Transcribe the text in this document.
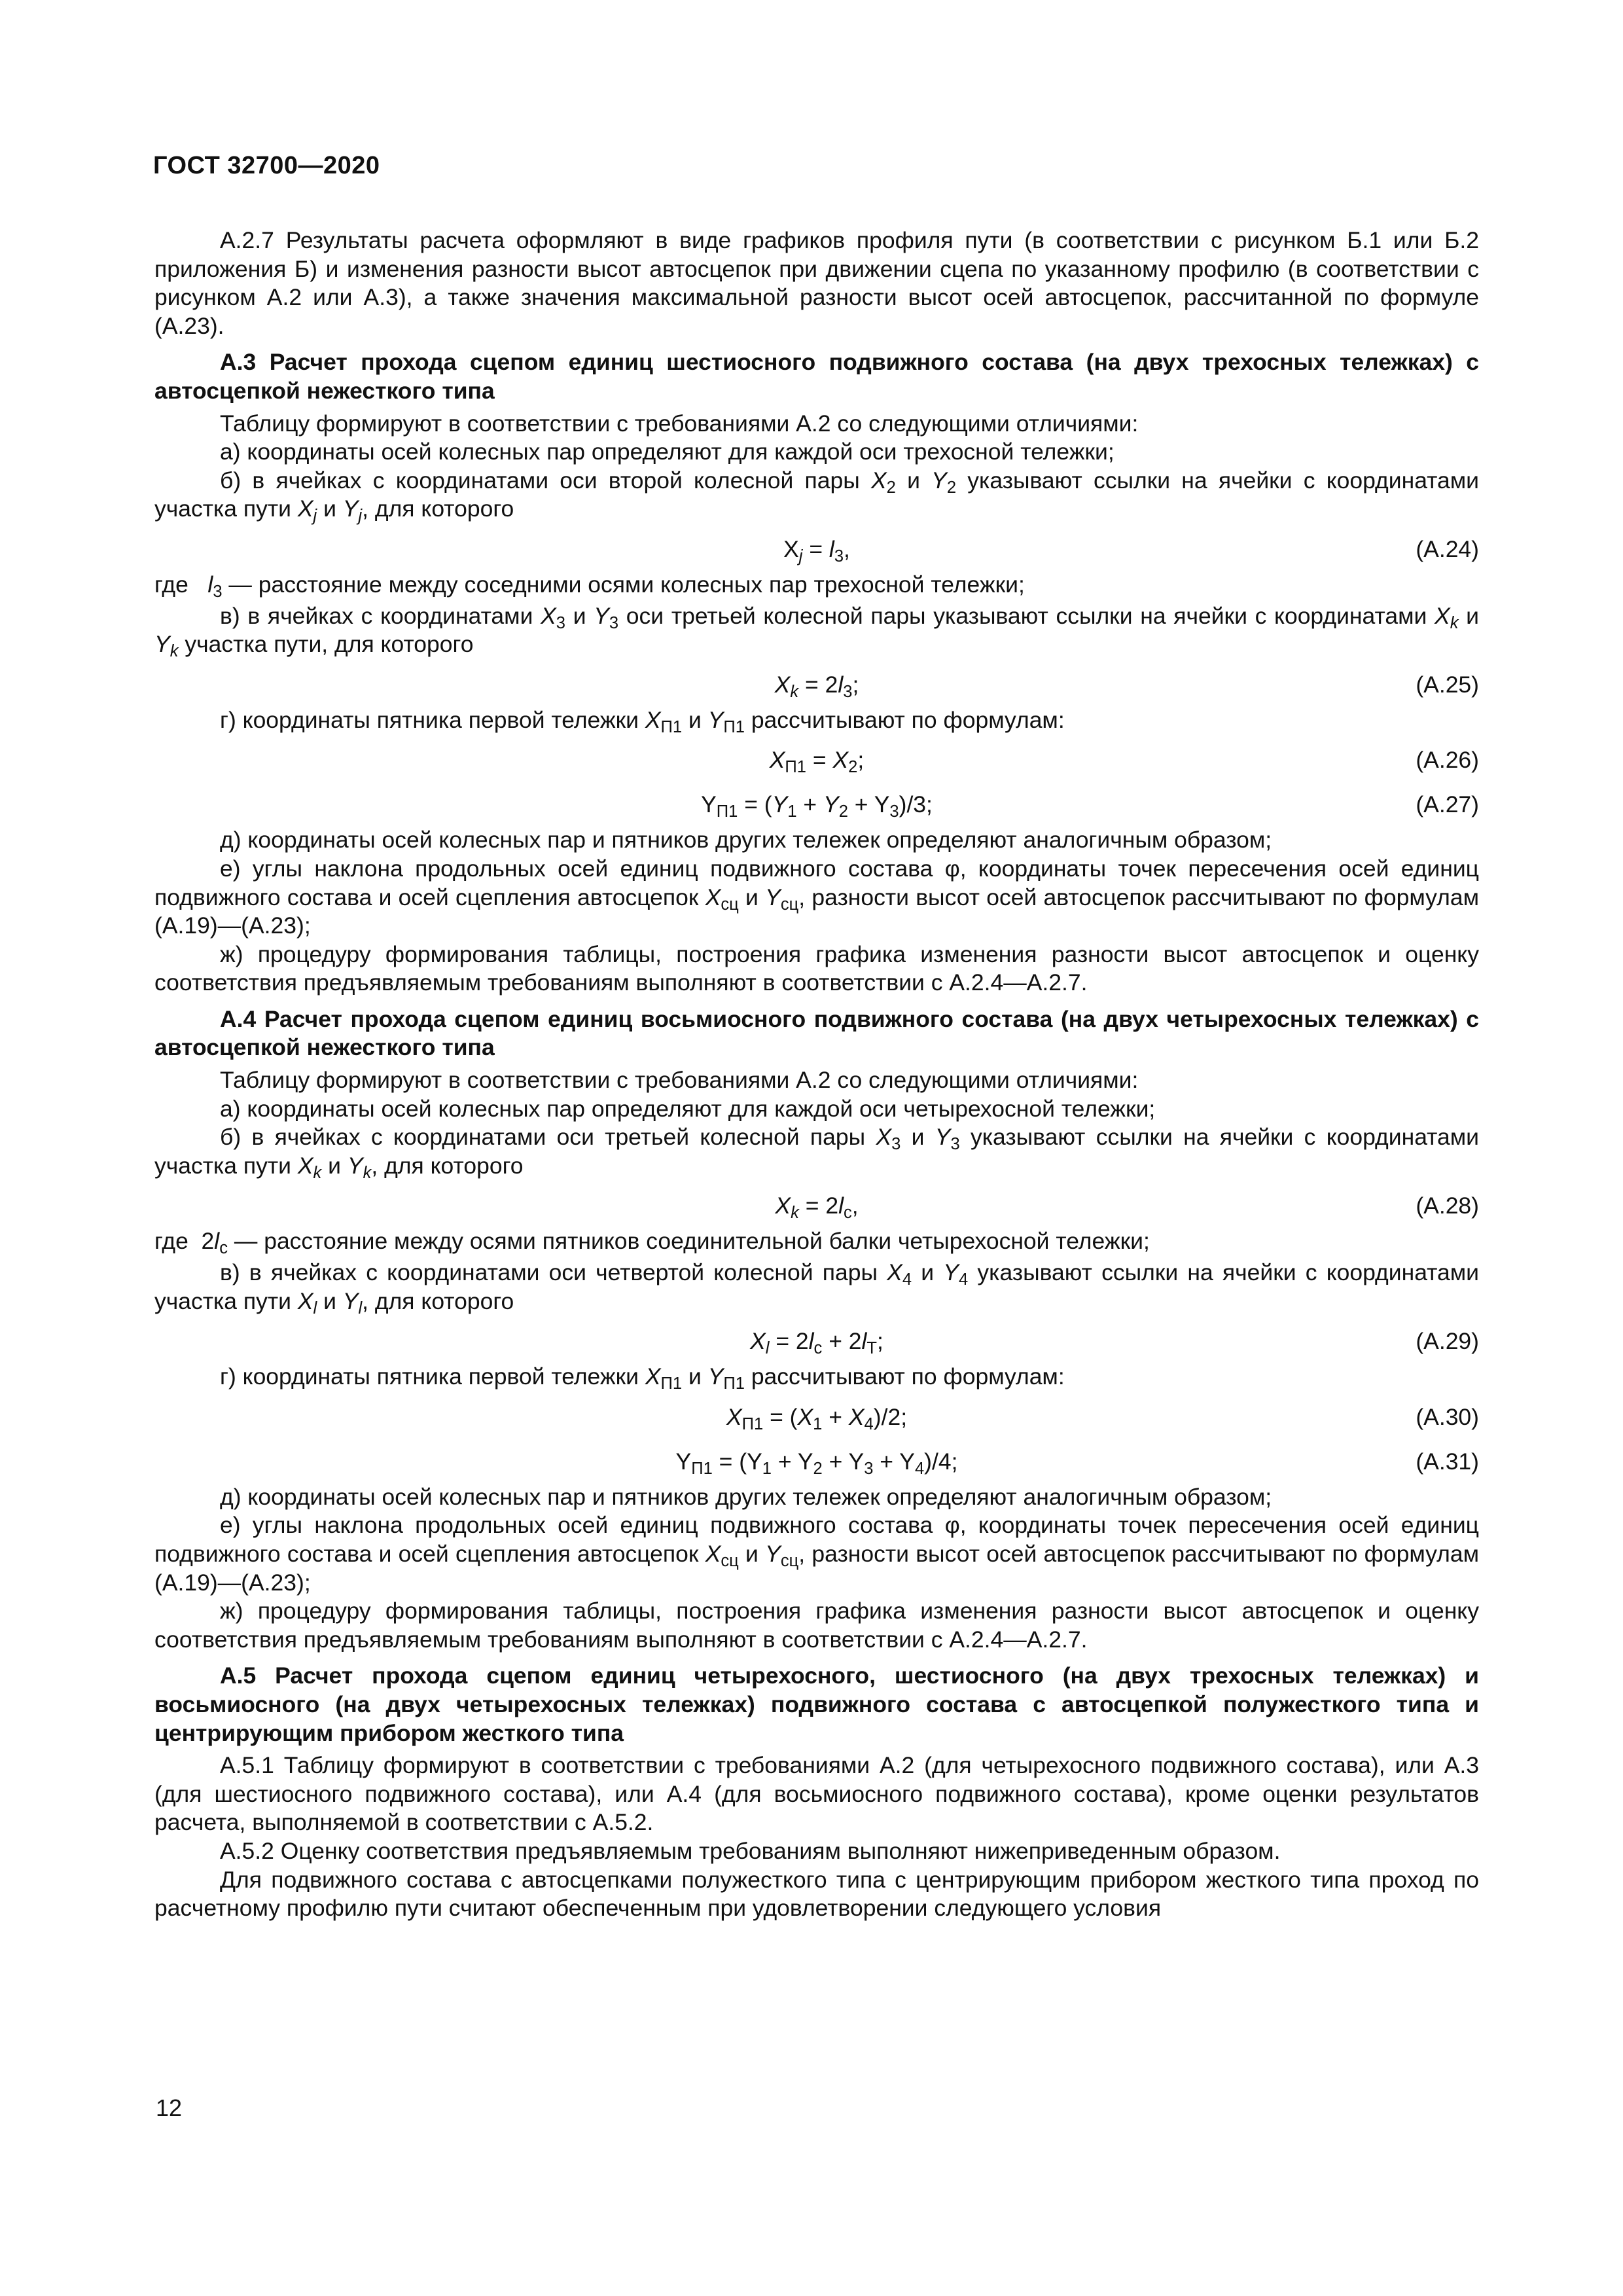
ГОСТ 32700—2020

А.2.7 Результаты расчета оформляют в виде графиков профиля пути (в соответствии с рисунком Б.1 или Б.2 приложения Б) и изменения разности высот автосцепок при движении сцепа по указанному профилю (в соответствии с рисунком А.2 или А.3), а также значения максимальной разности высот осей автосцепок, рассчитанной по формуле (А.23).

А.3 Расчет прохода сцепом единиц шестиосного подвижного состава (на двух трехосных тележках) с автосцепкой нежесткого типа

Таблицу формируют в соответствии с требованиями А.2 со следующими отличиями:

а) координаты осей колесных пар определяют для каждой оси трехосной тележки;

б) в ячейках с координатами оси второй колесной пары $X_2$ и $Y_2$ указывают ссылки на ячейки с координатами участка пути $X_j$ и $Y_j$, для которого

$X_j = l_3$,	(А.24)

где   $l_3$ — расстояние между соседними осями колесных пар трехосной тележки;

в) в ячейках с координатами $X_3$ и $Y_3$ оси третьей колесной пары указывают ссылки на ячейки с координатами $X_k$ и $Y_k$ участка пути, для которого

$X_k = 2l_3$;	(А.25)

г) координаты пятника первой тележки $X_{П1}$ и $Y_{П1}$ рассчитывают по формулам:

$X_{П1} = X_2$;	(А.26)
$Y_{П1} = (Y_1 + Y_2 + Y_3)/3$;	(А.27)

д) координаты осей колесных пар и пятников других тележек определяют аналогичным образом;

е) углы наклона продольных осей единиц подвижного состава φ, координаты точек пересечения осей единиц подвижного состава и осей сцепления автосцепок $X_{сц}$ и $Y_{сц}$, разности высот осей автосцепок рассчитывают по формулам (А.19)—(А.23);

ж) процедуру формирования таблицы, построения графика изменения разности высот автосцепок и оценку соответствия предъявляемым требованиям выполняют в соответствии с А.2.4—А.2.7.

А.4 Расчет прохода сцепом единиц восьмиосного подвижного состава (на двух четырехосных тележках) с автосцепкой нежесткого типа

Таблицу формируют в соответствии с требованиями А.2 со следующими отличиями:

а) координаты осей колесных пар определяют для каждой оси четырехосной тележки;

б) в ячейках с координатами оси третьей колесной пары $X_3$ и $Y_3$ указывают ссылки на ячейки с координатами участка пути $X_k$ и $Y_k$, для которого

$X_k = 2l_c$,	(А.28)

где  $2l_c$ — расстояние между осями пятников соединительной балки четырехосной тележки;

в) в ячейках с координатами оси четвертой колесной пары $X_4$ и $Y_4$ указывают ссылки на ячейки с координатами участка пути $X_l$ и $Y_l$, для которого

$X_l = 2l_c + 2l_T$;	(А.29)

г) координаты пятника первой тележки $X_{П1}$ и $Y_{П1}$ рассчитывают по формулам:

$X_{П1} = (X_1 + X_4)/2$;	(А.30)
$Y_{П1} = (Y_1 + Y_2 + Y_3 + Y_4)/4$;	(А.31)

д) координаты осей колесных пар и пятников других тележек определяют аналогичным образом;

е) углы наклона продольных осей единиц подвижного состава φ, координаты точек пересечения осей единиц подвижного состава и осей сцепления автосцепок $X_{сц}$ и $Y_{сц}$, разности высот осей автосцепок рассчитывают по формулам (А.19)—(А.23);

ж) процедуру формирования таблицы, построения графика изменения разности высот автосцепок и оценку соответствия предъявляемым требованиям выполняют в соответствии с А.2.4—А.2.7.

А.5 Расчет прохода сцепом единиц четырехосного, шестиосного (на двух трехосных тележках) и восьмиосного (на двух четырехосных тележках) подвижного состава с автосцепкой полужесткого типа и центрирующим прибором жесткого типа

А.5.1 Таблицу формируют в соответствии с требованиями А.2 (для четырехосного подвижного состава), или А.3 (для шестиосного подвижного состава), или А.4 (для восьмиосного подвижного состава), кроме оценки результатов расчета, выполняемой в соответствии с А.5.2.

А.5.2 Оценку соответствия предъявляемым требованиям выполняют нижеприведенным образом.

Для подвижного состава с автосцепками полужесткого типа с центрирующим прибором жесткого типа проход по расчетному профилю пути считают обеспеченным при удовлетворении следующего условия

12
